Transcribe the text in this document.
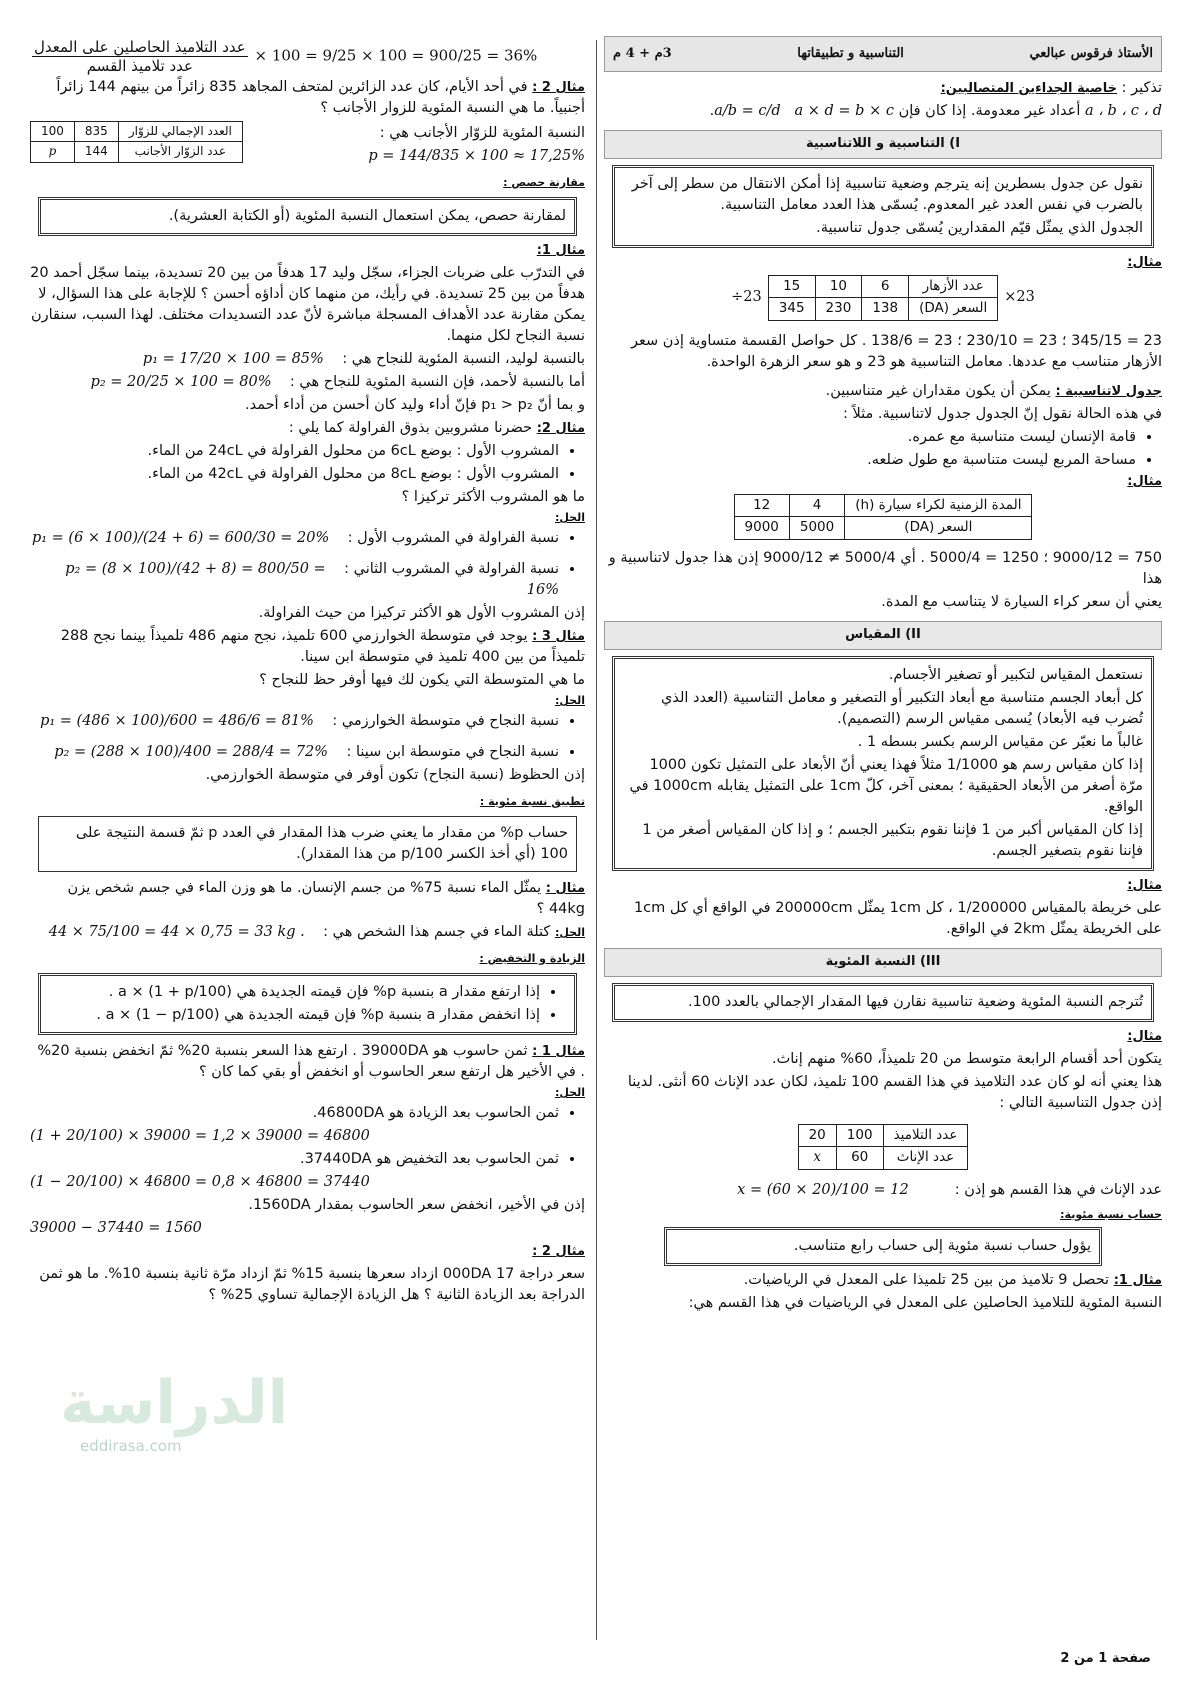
الأستاذ فرقوس عبالعي
التناسبية و تطبيقاتها
3م + 4 م

تذكير : خاصية الجداءين المتصالبين:

a ، b ، c ، d أعداد غير معدومة. إذا كان فإن a/b = c/d a × d = b × c.

I) التناسبية و اللاتناسبية

نقول عن جدول بسطرين إنه يترجم وضعية تناسبية إذا أمكن الانتقال من سطر إلى آخر بالضرب في نفس العدد غير المعدوم. يُسمّى هذا العدد معامل التناسبية.

الجدول الذي يمثّل قيّم المقدارين يُسمّى جدول تناسبية.

مثال:

×23
عدد الأزهار	6	10	15
السعر (DA)	138	230	345
÷23

23 = 345/15 ؛ 23 = 230/10 ؛ 23 = 138/6 . كل حواصل القسمة متساوية إذن سعر الأزهار متناسب مع عددها. معامل التناسبية هو 23 و هو سعر الزهرة الواحدة.

جدول لاتناسبية : يمكن أن يكون مقداران غير متناسبين.

في هذه الحالة نقول إنّ الجدول جدول لاتناسبية. مثلاً :

• قامة الإنسان ليست متناسبة مع عمره.
• مساحة المربع ليست متناسبة مع طول ضلعه.

مثال:

المدة الزمنية لكراء سيارة (h)	4	12
السعر (DA)	5000	9000

750 = 9000/12 ؛ 1250 = 5000/4 . أي 5000/4 ≠ 9000/12 إذن هذا جدول لاتناسبية و هذا

يعني أن سعر كراء السيارة لا يتناسب مع المدة.

II) المقياس

نستعمل المقياس لتكبير أو تصغير الأجسام.

كل أبعاد الجسم متناسبة مع أبعاد التكبير أو التصغير و معامل التناسبية (العدد الذي تُضرب فيه الأبعاد) يُسمى مقياس الرسم (التصميم).

غالباً ما نعبّر عن مقياس الرسم بكسر بسطه 1 .

إذا كان مقياس رسم هو 1/1000 مثلاً فهذا يعني أنّ الأبعاد على التمثيل تكون 1000 مرّة أصغر من الأبعاد الحقيقية ؛ بمعنى آخر، كلّ 1cm على التمثيل يقابله 1000cm في الواقع.

إذا كان المقياس أكبر من 1 فإننا نقوم بتكبير الجسم ؛ و إذا كان المقياس أصغر من 1 فإننا نقوم بتصغير الجسم.

مثال:

على خريطة بالمقياس 1/200000 ، كل 1cm يمثّل 200000cm في الواقع أي كل 1cm على الخريطة يمثّل 2km في الواقع.

III) النسبة المئوية

تُترجم النسبة المئوية وضعية تناسبية نقارن فيها المقدار الإجمالي بالعدد 100.

مثال:

يتكون أحد أقسام الرابعة متوسط من 20 تلميذاً، 60% منهم إناث.

هذا يعني أنه لو كان عدد التلاميذ في هذا القسم 100 تلميذ، لكان عدد الإناث 60 أنثى. لدينا إذن جدول التناسبية التالي :

عدد التلاميذ	100	20
عدد الإناث	60	x

عدد الإناث في هذا القسم هو إذن :          x = (60 × 20)/100 = 12

حساب نسبة مئوية:

يؤول حساب نسبة مئوية إلى حساب رابع متناسب.

مثال 1: تحصل 9 تلاميذ من بين 25 تلميذا على المعدل في الرياضيات.

النسبة المئوية للتلاميذ الحاصلين على المعدل في الرياضيات في هذا القسم هي:

$\frac{\text{عدد التلاميذ الحاصلين على المعدل}}{\text{عدد تلاميذ القسم}} \times 100 = 9/25 \times 100 = 900/25 = 36\%$

مثال 2 : في أحد الأيام، كان عدد الزائرين لمتحف المجاهد 835 زائراً من بينهم 144 زائراً أجنبياً. ما هي النسبة المئوية للزوار الأجانب ؟

النسبة المئوية للزوّار الأجانب هي :

p = 144/835 × 100 ≈ 17,25%

العدد الإجمالي للزوّار	835	100
عدد الزوّار الأجانب	144	p

مقارنة حصص :

لمقارنة حصص، يمكن استعمال النسبة المئوية (أو الكتابة العشرية).

مثال 1:

في التدرّب على ضربات الجزاء، سجّل وليد 17 هدفاً من بين 20 تسديدة، بينما سجّل أحمد 20 هدفاً من بين 25 تسديدة. في رأيك، من منهما كان أداؤه أحسن ؟ للإجابة على هذا السؤال، لا يمكن مقارنة عدد الأهداف المسجلة مباشرة لأنّ عدد التسديدات مختلف. لهذا السبب، سنقارن نسبة النجاح لكل منهما.

بالنسبة لوليد، النسبة المئوية للنجاح هي :    p₁ = 17/20 × 100 = 85%

أما بالنسبة لأحمد، فإن النسبة المئوية للنجاح هي :    p₂ = 20/25 × 100 = 80%

و بما أنّ p₁ > p₂ فإنّ أداء وليد كان أحسن من أداء أحمد.

مثال 2: حضرنا مشروبين بذوق الفراولة كما يلي :

• المشروب الأول : بوضع 6cL من محلول الفراولة في 24cL من الماء.
• المشروب الأول : بوضع 8cL من محلول الفراولة في 42cL من الماء.

ما هو المشروب الأكثر تركيزا ؟

الحل:

• نسبة الفراولة في المشروب الأول :    p₁ = (6 × 100)/(24 + 6) = 600/30 = 20%
• نسبة الفراولة في المشروب الثاني :    p₂ = (8 × 100)/(42 + 8) = 800/50 = 16%

إذن المشروب الأول هو الأكثر تركيزا من حيث الفراولة.

مثال 3 : يوجد في متوسطة الخوارزمي 600 تلميذ، نجح منهم 486 تلميذاً بينما نجح 288 تلميذاً من بين 400 تلميذ في متوسطة ابن سينا.

ما هي المتوسطة التي يكون لك فيها أوفر حظ للنجاح ؟

الحل:

• نسبة النجاح في متوسطة الخوارزمي :    p₁ = (486 × 100)/600 = 486/6 = 81%
• نسبة النجاح في متوسطة ابن سينا :    p₂ = (288 × 100)/400 = 288/4 = 72%

إذن الحظوظ (نسبة النجاح) تكون أوفر في متوسطة الخوارزمي.

تطبيق نسبة مئوية :

حساب p% من مقدار ما يعني ضرب هذا المقدار في العدد p ثمّ قسمة النتيجة على 100 (أي أخذ الكسر p/100 من هذا المقدار).

مثال : يمثّل الماء نسبة 75% من جسم الإنسان. ما هو وزن الماء في جسم شخص يزن 44kg ؟

الحل: كتلة الماء في جسم هذا الشخص هي :    44 × 75/100 = 44 × 0,75 = 33 kg .

الزيادة و التخفيض :

• إذا ارتفع مقدار a بنسبة p% فإن قيمته الجديدة هي a × (1 + p/100) .
• إذا انخفض مقدار a بنسبة p% فإن قيمته الجديدة هي a × (1 − p/100) .

مثال 1 : ثمن حاسوب هو 39000DA . ارتفع هذا السعر بنسبة 20% ثمّ انخفض بنسبة 20% . في الأخير هل ارتفع سعر الحاسوب أو انخفض أو بقي كما كان ؟

الحل:

• ثمن الحاسوب بعد الزيادة هو 46800DA.

(1 + 20/100) × 39000 = 1,2 × 39000 = 46800

• ثمن الحاسوب بعد التخفيض هو 37440DA.

(1 − 20/100) × 46800 = 0,8 × 46800 = 37440

إذن في الأخير، انخفض سعر الحاسوب بمقدار 1560DA.

39000 − 37440 = 1560

مثال 2 :

سعر دراجة 17 000DA ازداد سعرها بنسبة 15% ثمّ ازداد مرّة ثانية بنسبة 10%. ما هو ثمن الدراجة بعد الزيادة الثانية ؟ هل الزيادة الإجمالية تساوي 25% ؟

الدراسة
eddirasa.com
صفحة 1 من 2
